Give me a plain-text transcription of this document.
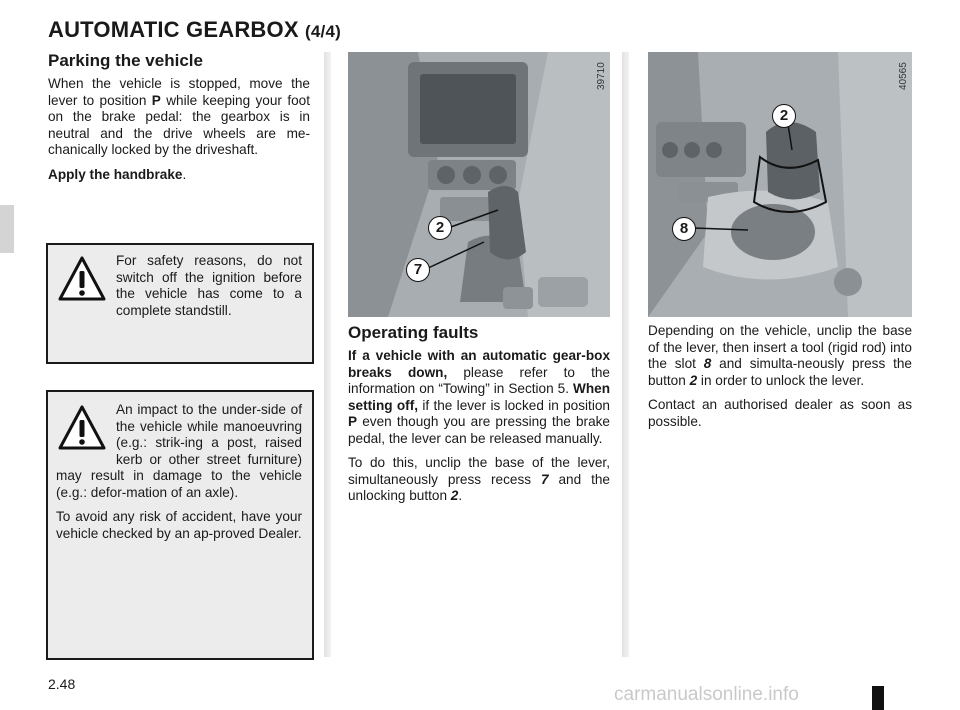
AUTOMATIC GEARBOX (4/4)
Parking the vehicle

When the vehicle is stopped, move the lever to position P while keeping your foot on the brake pedal: the gearbox is in neutral and the drive wheels are me-chanically locked by the driveshaft.

Apply the handbrake.

For safety reasons, do not switch off the ignition before the vehicle has come to a complete standstill.

An impact to the under-side of the vehicle while manoeuvring (e.g.: strik-ing a post, raised kerb or other street furniture) may result in damage to the vehicle (e.g.: defor-mation of an axle).

To avoid any risk of accident, have your vehicle checked by an ap-proved Dealer.

2
7
39710
2
8
40565
Operating faults

If a vehicle with an automatic gear-box breaks down, please refer to the information on “Towing” in Section 5. When setting off, if the lever is locked in position P even though you are pressing the brake pedal, the lever can be released manually.

To do this, unclip the base of the lever, simultaneously press recess 7 and the unlocking button 2.

Depending on the vehicle, unclip the base of the lever, then insert a tool (rigid rod) into the slot 8 and simulta-neously press the button 2 in order to unlock the lever.

Contact an authorised dealer as soon as possible.

2.48	carmanualsonline.info
